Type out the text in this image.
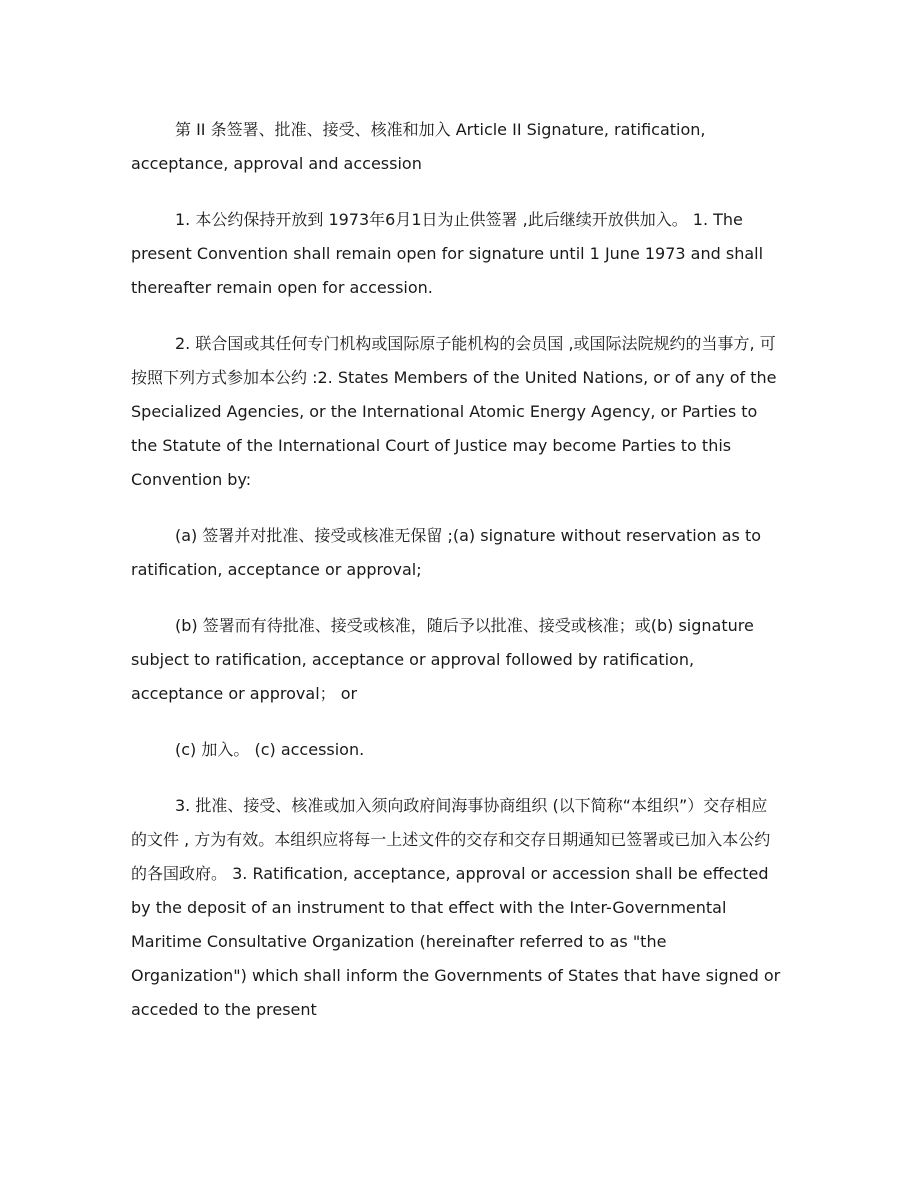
第 II 条签署、批准、接受、核准和加入 Article II Signature, ratification, acceptance, approval and accession

1. 本公约保持开放到 1973年6月1日为止供签署 ,此后继续开放供加入。 1. The present Convention shall remain open for signature until 1 June 1973 and shall thereafter remain open for accession.

2. 联合国或其任何专门机构或国际原子能机构的会员国 ,或国际法院规约的当事方, 可按照下列方式参加本公约 :2. States Members of the United Nations, or of any of the Specialized Agencies, or the International Atomic Energy Agency, or Parties to the Statute of the International Court of Justice may become Parties to this Convention by:

(a) 签署并对批准、接受或核准无保留 ;(a) signature without reservation as to ratification, acceptance or approval;

(b) 签署而有待批准、接受或核准，随后予以批准、接受或核准；或(b) signature subject to ratification, acceptance or approval followed by ratification, acceptance or approval； or

(c) 加入。 (c) accession.

3. 批准、接受、核准或加入须向政府间海事协商组织 (以下简称“本组织”）交存相应的文件 , 方为有效。本组织应将每一上述文件的交存和交存日期通知已签署或已加入本公约的各国政府。 3. Ratification, acceptance, approval or accession shall be effected by the deposit of an instrument to that effect with the Inter-Governmental Maritime Consultative Organization (hereinafter referred to as "the Organization") which shall inform the Governments of States that have signed or acceded to the present
